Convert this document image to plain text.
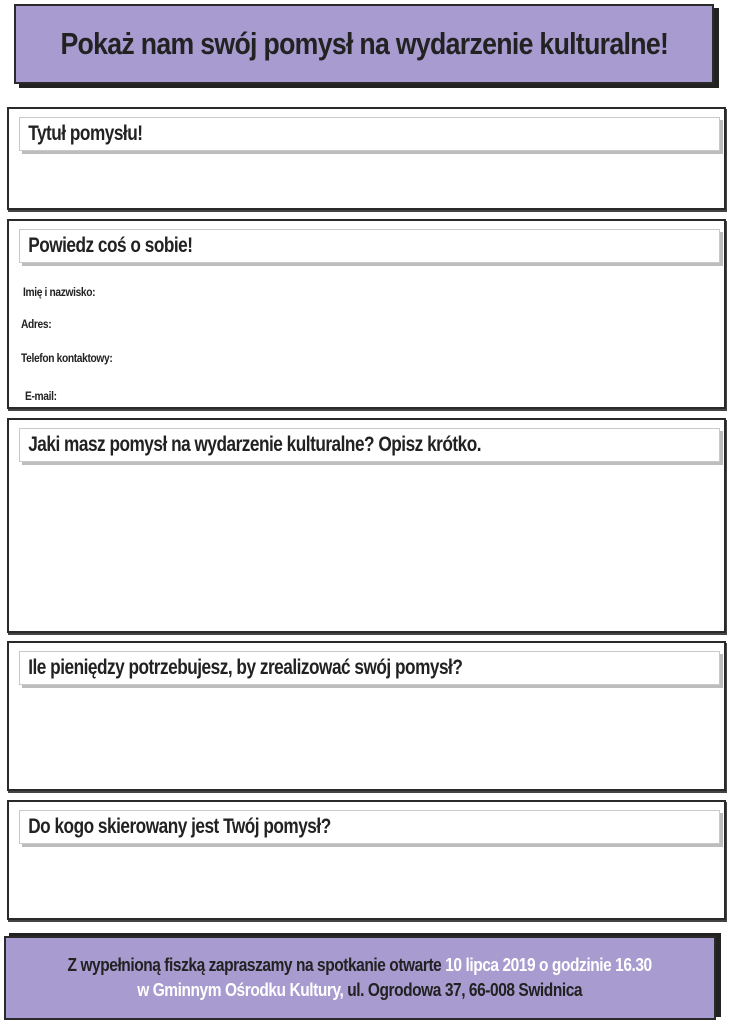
Pokaż nam swój pomysł na wydarzenie kulturalne!
Tytuł pomysłu!
Powiedz coś o sobie!
Imię i nazwisko:
Adres:
Telefon kontaktowy:
E-mail:
Jaki masz pomysł na wydarzenie kulturalne? Opisz krótko.
Ile pieniędzy potrzebujesz, by zrealizować swój pomysł?
Do kogo skierowany jest Twój pomysł?
Z wypełnioną fiszką zapraszamy na spotkanie otwarte 10 lipca 2019 o godzinie 16.30
w Gminnym Ośrodku Kultury, ul. Ogrodowa 37, 66-008 Swidnica
